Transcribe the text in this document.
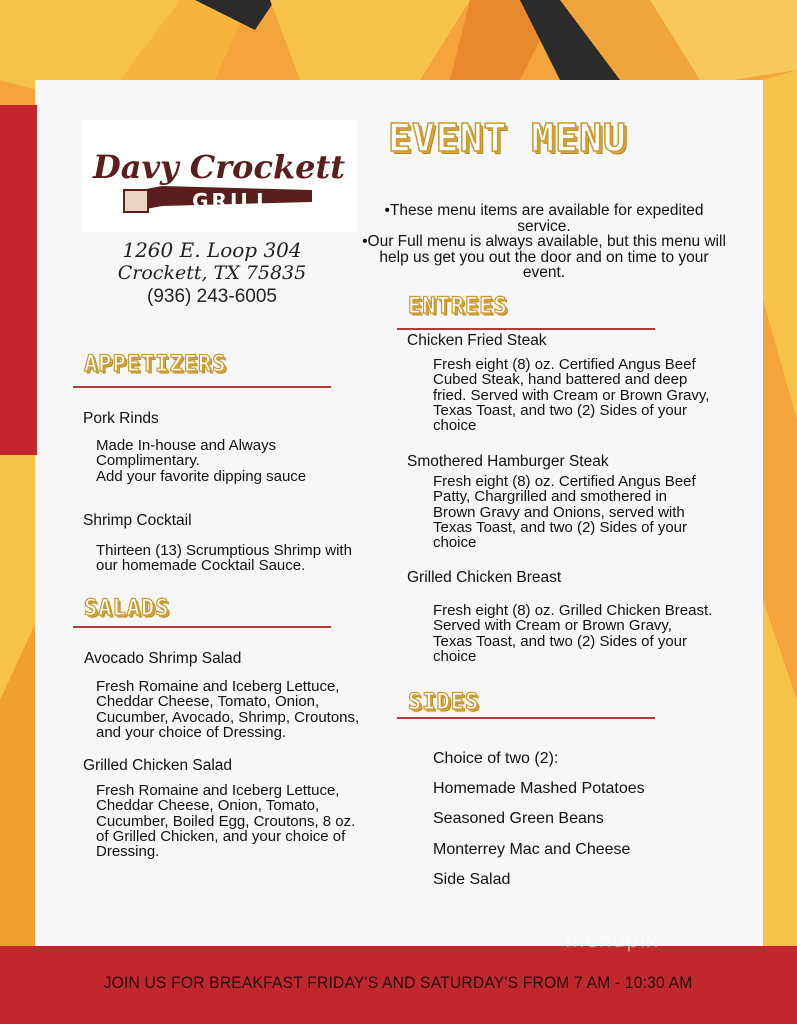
Davy Crockett
GRILL
1260 E. Loop 304
Crockett, TX 75835
(936) 243-6005
EVENT MENU
•These menu items are available for expedited service.
•Our Full menu is always available, but this menu will help us get you out the door and on time to your event.
APPETIZERS
Pork Rinds
Made In-house and Always Complimentary.
Add your favorite dipping sauce
Shrimp Cocktail
Thirteen (13) Scrumptious Shrimp with our homemade Cocktail Sauce.
SALADS
Avocado Shrimp Salad
Fresh Romaine and Iceberg Lettuce, Cheddar Cheese, Tomato, Onion, Cucumber, Avocado, Shrimp, Croutons, and your choice of Dressing.
Grilled Chicken Salad
Fresh Romaine and Iceberg Lettuce, Cheddar Cheese, Onion, Tomato, Cucumber, Boiled Egg, Croutons, 8 oz. of Grilled Chicken, and your choice of Dressing.
ENTREES
Chicken Fried Steak
Fresh eight (8) oz. Certified Angus Beef Cubed Steak, hand battered and deep fried. Served with Cream or Brown Gravy, Texas Toast, and two (2) Sides of your choice
Smothered Hamburger Steak
Fresh eight (8) oz. Certified Angus Beef Patty, Chargrilled and smothered in Brown Gravy and Onions, served with Texas Toast, and two (2) Sides of your choice
Grilled Chicken Breast
Fresh eight (8) oz. Grilled Chicken Breast. Served with Cream or Brown Gravy, Texas Toast, and two (2) Sides of your choice
SIDES
Choice of two (2):
Homemade Mashed Potatoes
Seasoned Green Beans
Monterrey Mac and Cheese
Side Salad
menupix
JOIN US FOR BREAKFAST FRIDAY'S AND SATURDAY'S FROM 7 AM - 10:30 AM
